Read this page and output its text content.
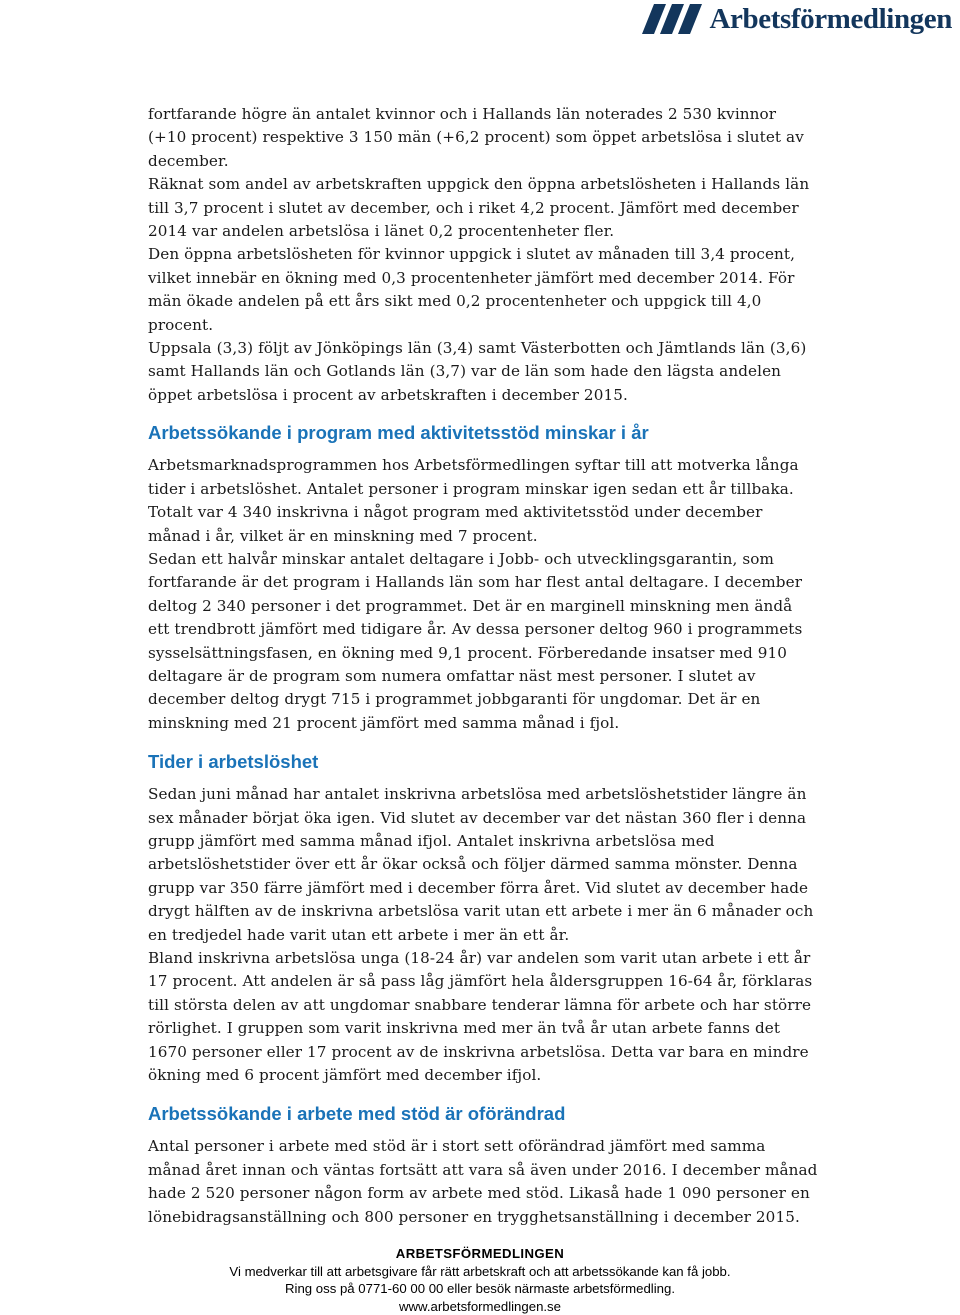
Arbetsförmedlingen

fortfarande högre än antalet kvinnor och i Hallands län noterades 2 530 kvinnor (+10 procent) respektive 3 150 män (+6,2 procent) som öppet arbetslösa i slutet av december.

Räknat som andel av arbetskraften uppgick den öppna arbetslösheten i Hallands län till 3,7 procent i slutet av december, och i riket 4,2 procent. Jämfört med december 2014 var andelen arbetslösa i länet 0,2 procentenheter fler.

Den öppna arbetslösheten för kvinnor uppgick i slutet av månaden till 3,4 procent, vilket innebär en ökning med 0,3 procentenheter jämfört med december 2014. För män ökade andelen på ett års sikt med 0,2 procentenheter och uppgick till 4,0 procent.

Uppsala (3,3) följt av Jönköpings län (3,4) samt Västerbotten och Jämtlands län (3,6) samt Hallands län och Gotlands län (3,7) var de län som hade den lägsta andelen öppet arbetslösa i procent av arbetskraften i december 2015.

Arbetssökande i program med aktivitetsstöd minskar i år

Arbetsmarknadsprogrammen hos Arbetsförmedlingen syftar till att motverka långa tider i arbetslöshet. Antalet personer i program minskar igen sedan ett år tillbaka.

Totalt var 4 340 inskrivna i något program med aktivitetsstöd under december månad i år, vilket är en minskning med 7 procent.

Sedan ett halvår minskar antalet deltagare i Jobb- och utvecklingsgarantin, som fortfarande är det program i Hallands län som har flest antal deltagare. I december deltog 2 340 personer i det programmet. Det är en marginell minskning men ändå ett trendbrott jämfört med tidigare år. Av dessa personer deltog 960 i programmets sysselsättningsfasen, en ökning med 9,1 procent. Förberedande insatser med 910 deltagare är de program som numera omfattar näst mest personer. I slutet av december deltog drygt 715 i programmet jobbgaranti för ungdomar. Det är en minskning med 21 procent jämfört med samma månad i fjol.

Tider i arbetslöshet

Sedan juni månad har antalet inskrivna arbetslösa med arbetslöshetstider längre än sex månader börjat öka igen. Vid slutet av december var det nästan 360 fler i denna grupp jämfört med samma månad ifjol. Antalet inskrivna arbetslösa med arbetslöshetstider över ett år ökar också och följer därmed samma mönster. Denna grupp var 350 färre jämfört med i december förra året. Vid slutet av december hade drygt hälften av de inskrivna arbetslösa varit utan ett arbete i mer än 6 månader och en tredjedel hade varit utan ett arbete i mer än ett år.

Bland inskrivna arbetslösa unga (18-24 år) var andelen som varit utan arbete i ett år 17 procent. Att andelen är så pass låg jämfört hela åldersgruppen 16-64 år, förklaras till största delen av att ungdomar snabbare tenderar lämna för arbete och har större rörlighet. I gruppen som varit inskrivna med mer än två år utan arbete fanns det 1670 personer eller 17 procent av de inskrivna arbetslösa. Detta var bara en mindre ökning med 6 procent jämfört med december ifjol.

Arbetssökande i arbete med stöd är oförändrad

Antal personer i arbete med stöd är i stort sett oförändrad jämfört med samma månad året innan och väntas fortsätt att vara så även under 2016. I december månad hade 2 520 personer någon form av arbete med stöd. Likaså hade 1 090 personer en lönebidragsanställning och 800 personer en trygghetsanställning i december 2015.

ARBETSFÖRMEDLINGEN
Vi medverkar till att arbetsgivare får rätt arbetskraft och att arbetssökande kan få jobb.
Ring oss på 0771-60 00 00 eller besök närmaste arbetsförmedling.
www.arbetsformedlingen.se
